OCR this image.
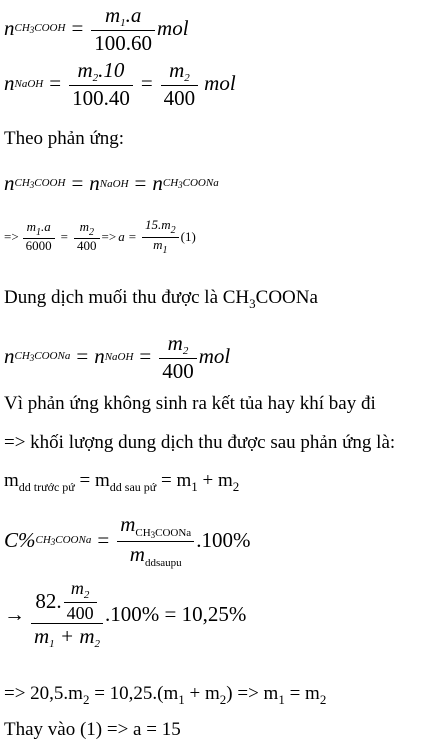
n CH3COOH = $\frac{m_1.a}{100.60}$ mol
n NaOH = $\frac{m_2.10}{100.40} = \frac{m_2}{400}$ mol
Theo phản ứng:
n CH3COOH = n NaOH = n CH3COONa
=> $\frac{m_1.a}{6000} = \frac{m_2}{400} => a = \frac{15.m_2}{m_1} (1)$
Dung dịch muối thu được là $CH_3COONa$
n CH3COONa = n NaOH = $\frac{m_2}{400}$ mol
Vì phản ứng không sinh ra kết tủa hay khí bay đi
=> khối lượng dung dịch thu được sau phản ứng là:
$m_{dd trước pứ} = m_{dd sau pứ} = m_1 + m_2$
C% CH3COONa = $\frac{m_{CH3COONa}}{m_{ddsaupu}} .100\%$
→ $\frac{82. \frac{m_2}{400}}{m_1 + m_2} .100\% = 10,25\%$
=> $20,5.m_2 = 10,25.(m_1 + m_2) => m_1 = m_2$
Thay vào (1) => a = 15
